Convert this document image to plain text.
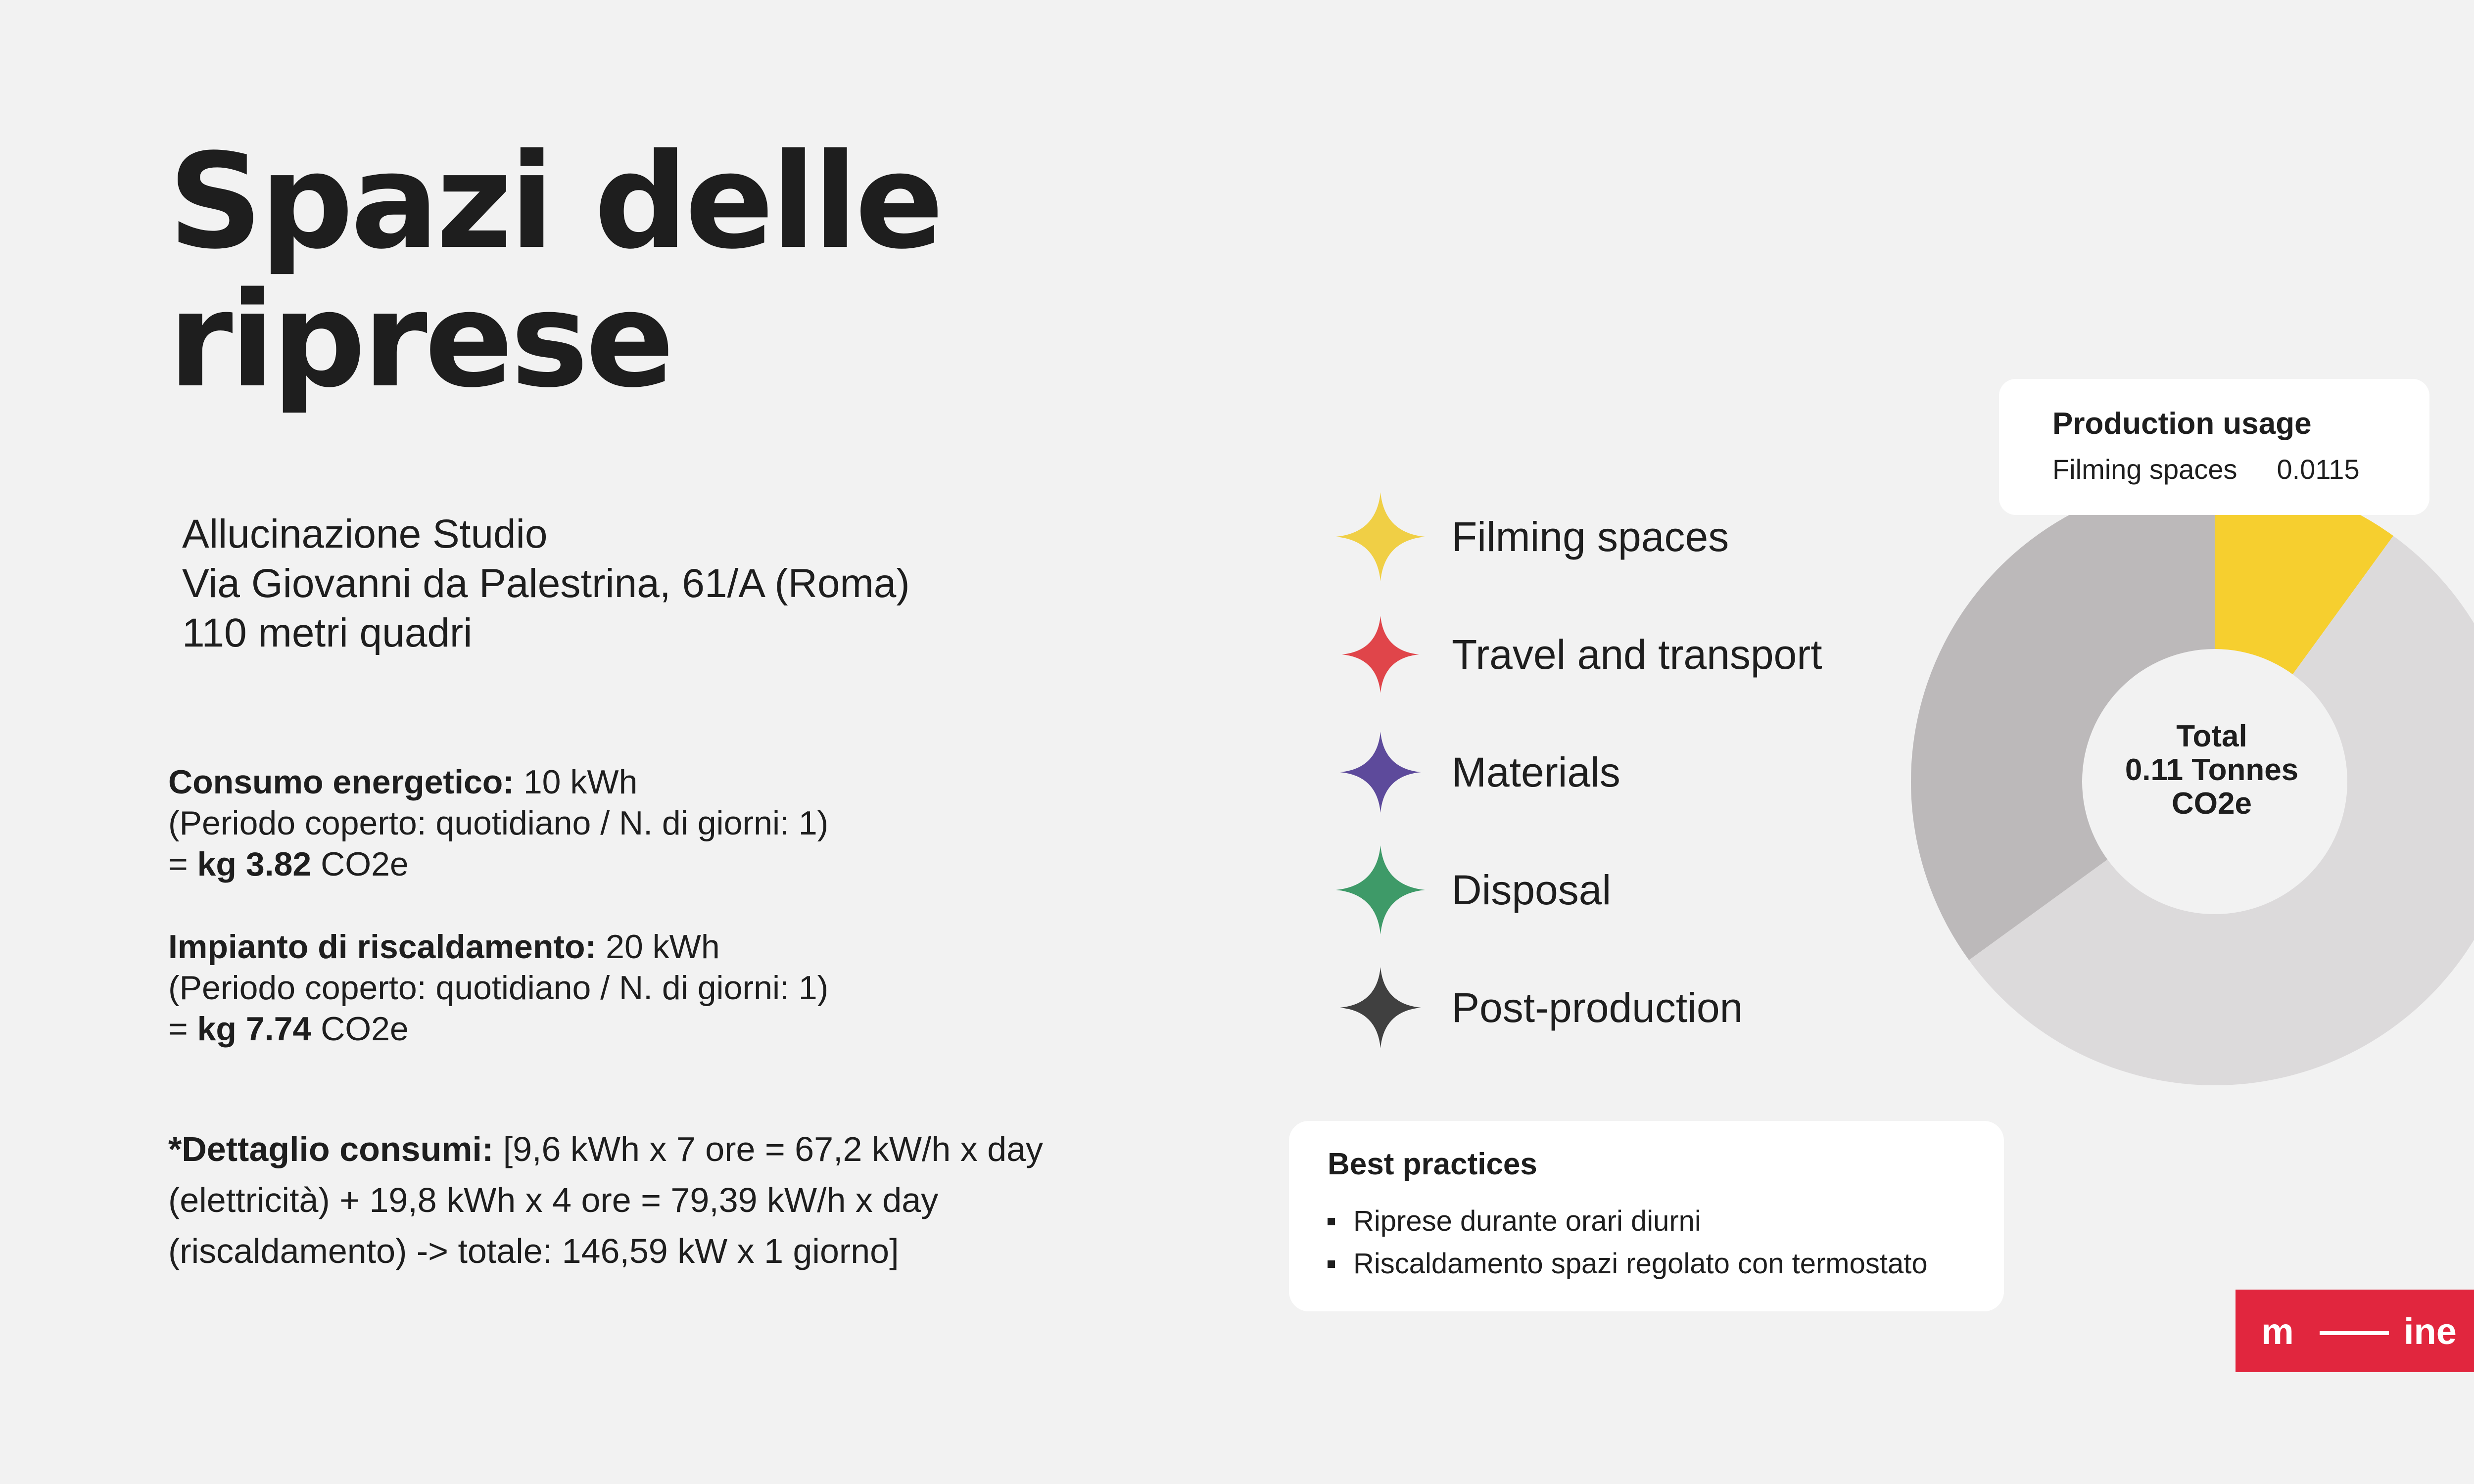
Spazi delle
riprese
Allucinazione Studio
Via Giovanni da Palestrina, 61/A (Roma)
110 metri quadri
Consumo energetico: 10 kWh
(Periodo coperto: quotidiano / N. di giorni: 1)
= kg 3.82 CO2e
Impianto di riscaldamento: 20 kWh
(Periodo coperto: quotidiano / N. di giorni: 1)
= kg 7.74 CO2e
*Dettaglio consumi: [9,6 kWh x 7 ore = 67,2 kW/h x day
(elettricità) + 19,8 kWh x 4 ore = 79,39 kW/h x day
(riscaldamento) -> totale: 146,59 kW x 1 giorno]
Filming spaces
Travel and transport
Materials
Disposal
Post-production
Total
0.11 Tonnes
CO2e
Production usage
Filming spaces 0.0115
Best practices
Riprese durante orari diurni
Riscaldamento spazi regolato con termostato
m	ine
